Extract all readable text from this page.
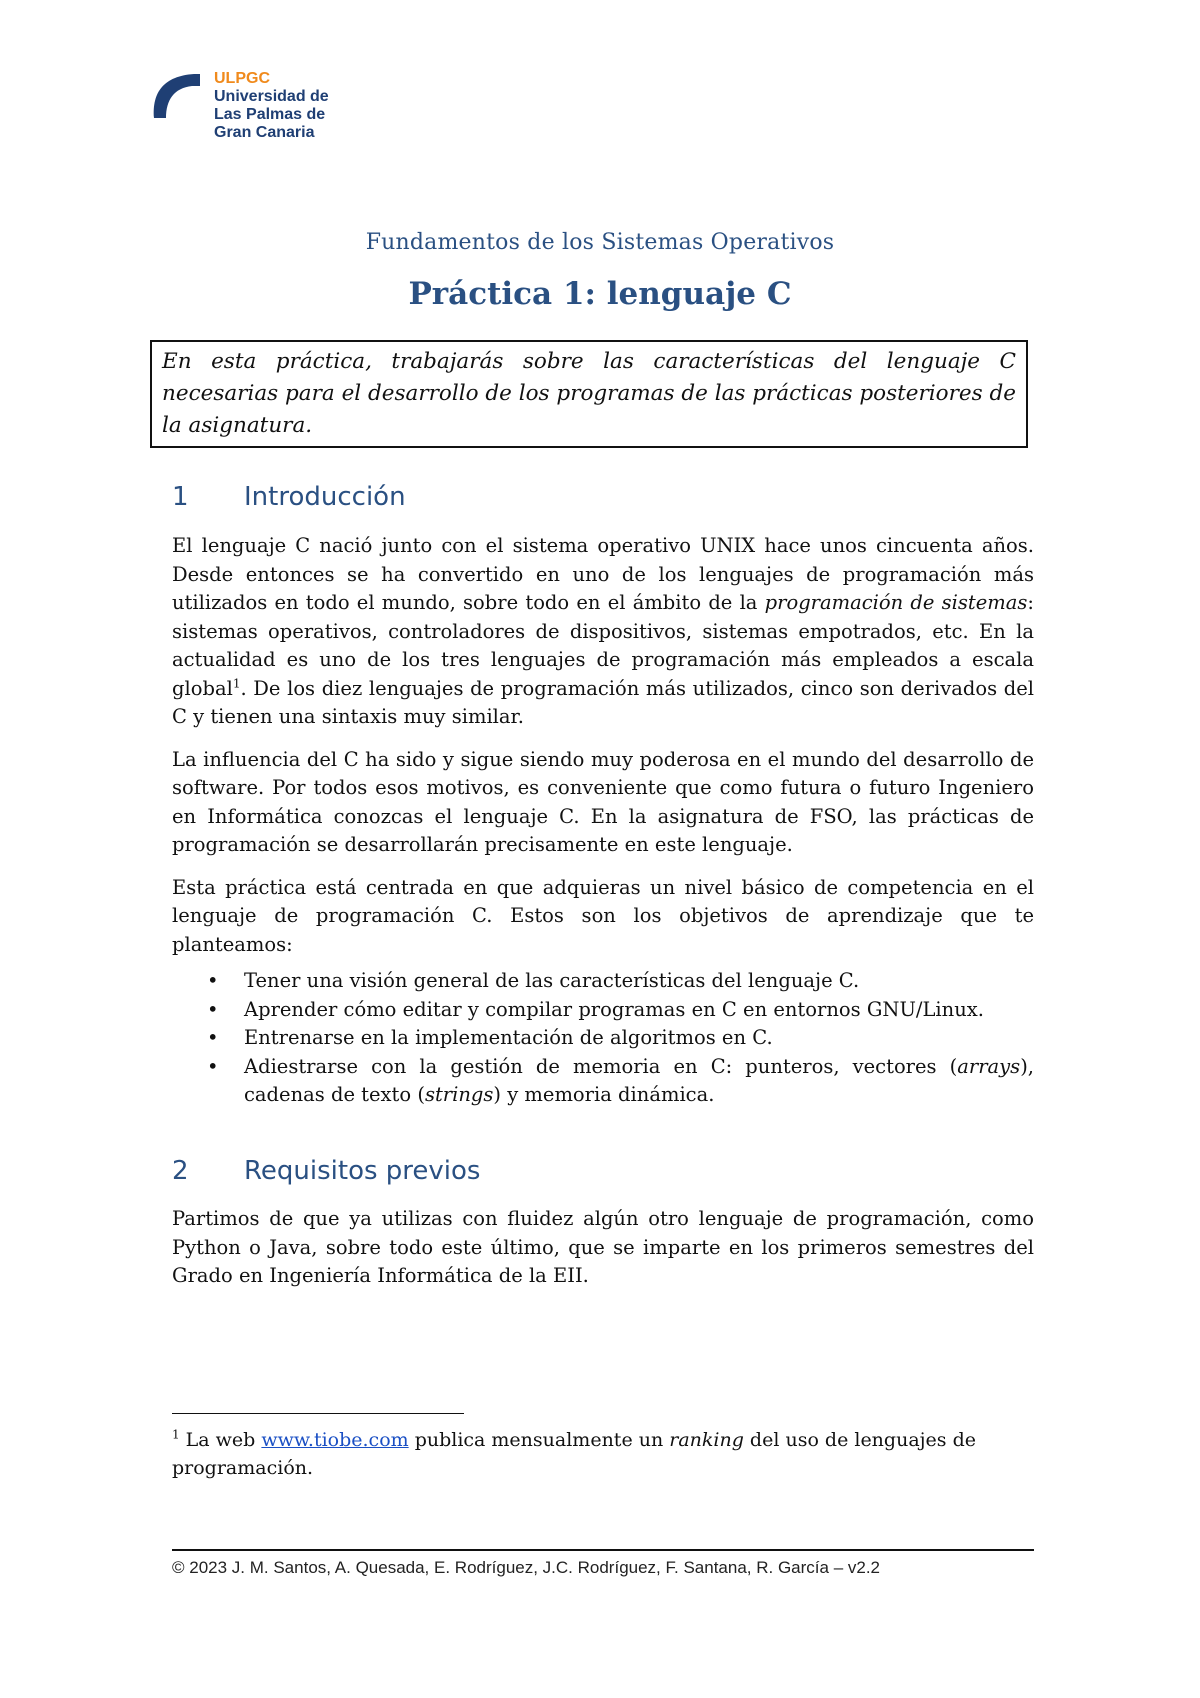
ULPGC
Universidad de
Las Palmas de
Gran Canaria
Fundamentos de los Sistemas Operativos
Práctica 1: lenguaje C
En esta práctica, trabajarás sobre las características del lenguaje C necesarias para el desarrollo de los programas de las prácticas posteriores de la asignatura.
1 Introducción

El lenguaje C nació junto con el sistema operativo UNIX hace unos cincuenta años. Desde entonces se ha convertido en uno de los lenguajes de programación más utilizados en todo el mundo, sobre todo en el ámbito de la programación de sistemas: sistemas operativos, controladores de dispositivos, sistemas empotrados, etc. En la actualidad es uno de los tres lenguajes de programación más empleados a escala global$^1$. De los diez lenguajes de programación más utilizados, cinco son derivados del C y tienen una sintaxis muy similar.

La influencia del C ha sido y sigue siendo muy poderosa en el mundo del desarrollo de software. Por todos esos motivos, es conveniente que como futura o futuro Ingeniero en Informática conozcas el lenguaje C. En la asignatura de FSO, las prácticas de programación se desarrollarán precisamente en este lenguaje.

Esta práctica está centrada en que adquieras un nivel básico de competencia en el lenguaje de programación C. Estos son los objetivos de aprendizaje que te planteamos:

• Tener una visión general de las características del lenguaje C.
• Aprender cómo editar y compilar programas en C en entornos GNU/Linux.
• Entrenarse en la implementación de algoritmos en C.
• Adiestrarse con la gestión de memoria en C: punteros, vectores (arrays), cadenas de texto (strings) y memoria dinámica.
2 Requisitos previos

Partimos de que ya utilizas con fluidez algún otro lenguaje de programación, como Python o Java, sobre todo este último, que se imparte en los primeros semestres del Grado en Ingeniería Informática de la EII.

$^1$ La web www.tiobe.com publica mensualmente un ranking del uso de lenguajes de programación.
© 2023 J. M. Santos, A. Quesada, E. Rodríguez, J.C. Rodríguez, F. Santana, R. García – v2.2
